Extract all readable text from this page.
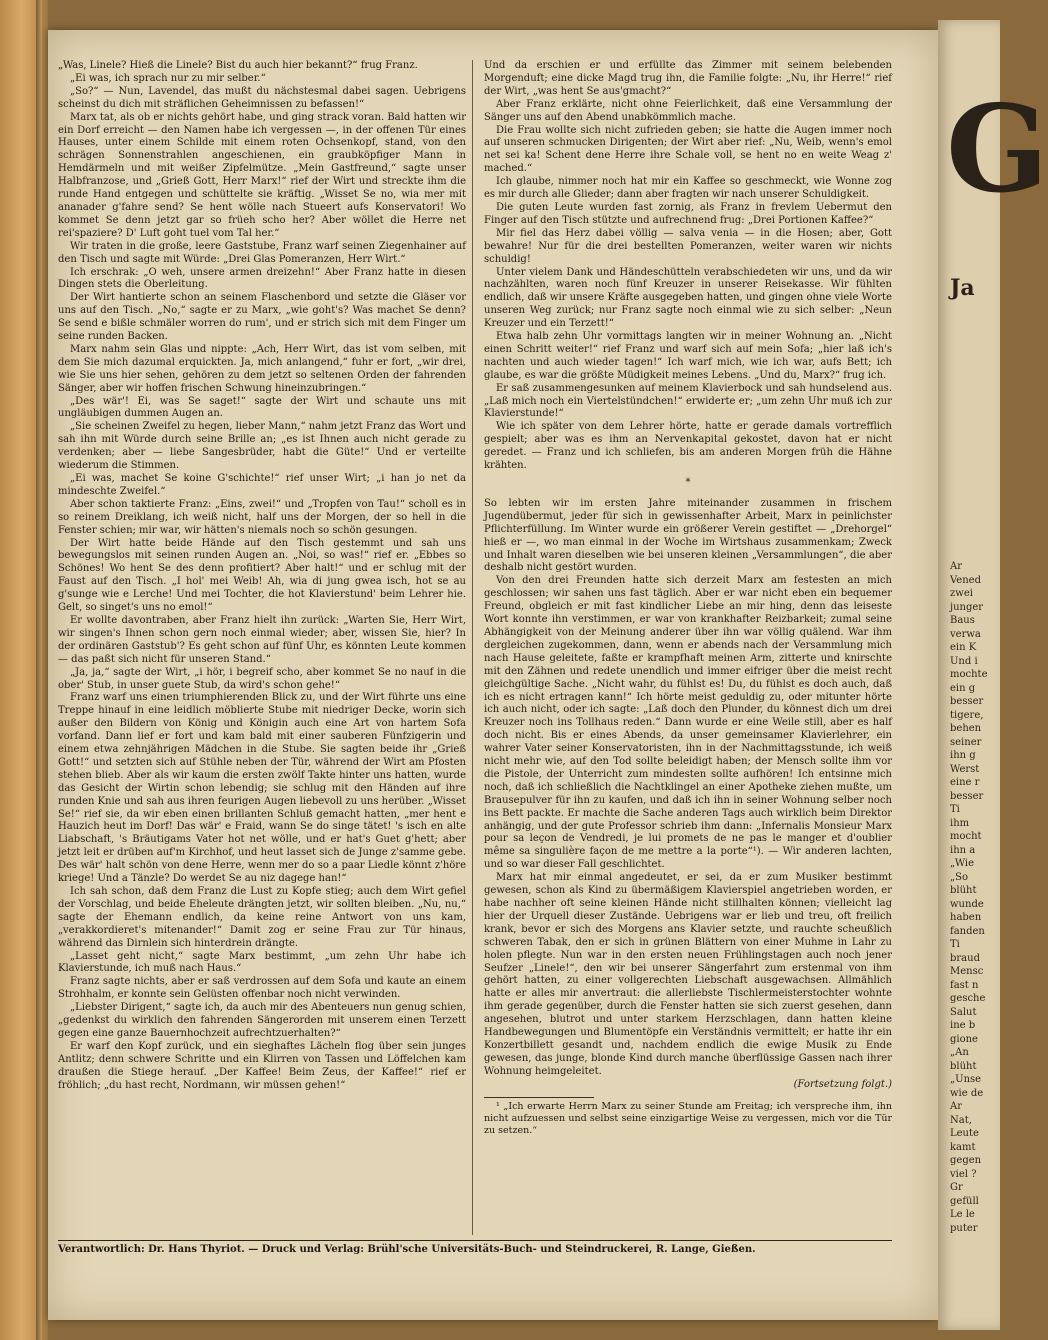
„Was, Linele? Hieß die Linele? Bist du auch hier bekannt?“ frug Franz.

„Ei was, ich sprach nur zu mir selber.“

„So?“ — Nun, Lavendel, das mußt du nächstesmal dabei sagen. Uebrigens scheinst du dich mit sträflichen Geheimnissen zu befassen!“

Marx tat, als ob er nichts gehört habe, und ging strack voran. Bald hatten wir ein Dorf erreicht — den Namen habe ich vergessen —, in der offenen Tür eines Hauses, unter einem Schilde mit einem roten Ochsenkopf, stand, von den schrägen Sonnenstrahlen angeschienen, ein graubköpfiger Mann in Hemdärmeln und mit weißer Zipfelmütze. „Mein Gastfreund,“ sagte unser Halbfranzose, und „Grieß Gott, Herr Marx!“ rief der Wirt und streckte ihm die runde Hand entgegen und schüttelte sie kräftig. „Wisset Se no, wia mer mit ananader g'fahre send? Se hent wölle nach Stueert aufs Konservatori! Wo kommet Se denn jetzt gar so früeh scho her? Aber wöllet die Herre net rei'spaziere? D' Luft goht tuel vom Tal her.“

Wir traten in die große, leere Gaststube, Franz warf seinen Ziegenhainer auf den Tisch und sagte mit Würde: „Drei Glas Pomeranzen, Herr Wirt.“

Ich erschrak: „O weh, unsere armen dreizehn!“ Aber Franz hatte in diesen Dingen stets die Oberleitung.

Der Wirt hantierte schon an seinem Flaschenbord und setzte die Gläser vor uns auf den Tisch. „No,“ sagte er zu Marx, „wie goht's? Was machet Se denn? Se send e bißle schmäler worren do rum', und er strich sich mit dem Finger um seine runden Backen.

Marx nahm sein Glas und nippte: „Ach, Herr Wirt, das ist vom selben, mit dem Sie mich dazumal erquickten. Ja, mich anlangend,“ fuhr er fort, „wir drei, wie Sie uns hier sehen, gehören zu dem jetzt so seltenen Orden der fahrenden Sänger, aber wir hoffen frischen Schwung hineinzubringen.“

„Des wär'! Ei, was Se saget!“ sagte der Wirt und schaute uns mit ungläubigen dummen Augen an.

„Sie scheinen Zweifel zu hegen, lieber Mann,“ nahm jetzt Franz das Wort und sah ihn mit Würde durch seine Brille an; „es ist Ihnen auch nicht gerade zu verdenken; aber — liebe Sangesbrüder, habt die Güte!“ Und er verteilte wiederum die Stimmen.

„Ei was, machet Se koine G'schichte!“ rief unser Wirt; „i han jo net da mindeschte Zweifel.“

Aber schon taktierte Franz: „Eins, zwei!“ und „Tropfen von Tau!“ scholl es in so reinem Dreiklang, ich weiß nicht, half uns der Morgen, der so hell in die Fenster schien; mir war, wir hätten's niemals noch so schön gesungen.

Der Wirt hatte beide Hände auf den Tisch gestemmt und sah uns bewegungslos mit seinen runden Augen an. „Noi, so was!“ rief er. „Ebbes so Schönes! Wo hent Se des denn profitiert? Aber halt!“ und er schlug mit der Faust auf den Tisch. „I hol' mei Weib! Ah, wia di jung gwea isch, hot se au g'sunge wie e Lerche! Und mei Tochter, die hot Klavierstund' beim Lehrer hie. Gelt, so singet's uns no emol!“

Er wollte davontraben, aber Franz hielt ihn zurück: „Warten Sie, Herr Wirt, wir singen's Ihnen schon gern noch einmal wieder; aber, wissen Sie, hier? In der ordinären Gaststub'? Es geht schon auf fünf Uhr, es könnten Leute kommen — das paßt sich nicht für unseren Stand.“

„Ja, ja,“ sagte der Wirt, „i hör, i begreif scho, aber kommet Se no nauf in die ober' Stub, in unser guete Stub, da wird's schon gehe!“

Franz warf uns einen triumphierenden Blick zu, und der Wirt führte uns eine Treppe hinauf in eine leidlich möblierte Stube mit niedriger Decke, worin sich außer den Bildern von König und Königin auch eine Art von hartem Sofa vorfand. Dann lief er fort und kam bald mit einer sauberen Fünfzigerin und einem etwa zehnjährigen Mädchen in die Stube. Sie sagten beide ihr „Grieß Gott!“ und setzten sich auf Stühle neben der Tür, während der Wirt am Pfosten stehen blieb. Aber als wir kaum die ersten zwölf Takte hinter uns hatten, wurde das Gesicht der Wirtin schon lebendig; sie schlug mit den Händen auf ihre runden Knie und sah aus ihren feurigen Augen liebevoll zu uns herüber. „Wisset Se!“ rief sie, da wir eben einen brillanten Schluß gemacht hatten, „mer hent e Hauzich heut im Dorf! Das wär' e Fraid, wann Se do singe tätet! 's isch en alte Liabschaft, 's Bräutigams Vater hot net wölle, und er hat's Guet g'hett; aber jetzt leit er drüben auf'm Kirchhof, und heut lasset sich de Junge z'samme gebe. Des wär' halt schön von dene Herre, wenn mer do so a paar Liedle könnt z'höre kriege! Und a Tänzle? Do werdet Se au niz dagege han!“

Ich sah schon, daß dem Franz die Lust zu Kopfe stieg; auch dem Wirt gefiel der Vorschlag, und beide Eheleute drängten jetzt, wir sollten bleiben. „Nu, nu,“ sagte der Ehemann endlich, da keine reine Antwort von uns kam, „verakkordieret's mitenander!“ Damit zog er seine Frau zur Tür hinaus, während das Dirnlein sich hinterdrein drängte.

„Lasset geht nicht,“ sagte Marx bestimmt, „um zehn Uhr habe ich Klavierstunde, ich muß nach Haus.“

Franz sagte nichts, aber er saß verdrossen auf dem Sofa und kaute an einem Strohhalm, er konnte sein Gelüsten offenbar noch nicht verwinden.

„Liebster Dirigent,“ sagte ich, da auch mir des Abenteuers nun genug schien, „gedenkst du wirklich den fahrenden Sängerorden mit unserem einen Terzett gegen eine ganze Bauernhochzeit aufrechtzuerhalten?“

Er warf den Kopf zurück, und ein sieghaftes Lächeln flog über sein junges Antlitz; denn schwere Schritte und ein Klirren von Tassen und Löffelchen kam draußen die Stiege herauf. „Der Kaffee! Beim Zeus, der Kaffee!“ rief er fröhlich; „du hast recht, Nordmann, wir müssen gehen!“

Und da erschien er und erfüllte das Zimmer mit seinem belebenden Morgenduft; eine dicke Magd trug ihn, die Familie folgte: „Nu, ihr Herre!“ rief der Wirt, „was hent Se aus'gmacht?“

Aber Franz erklärte, nicht ohne Feierlichkeit, daß eine Versammlung der Sänger uns auf den Abend unabkömmlich mache.

Die Frau wollte sich nicht zufrieden geben; sie hatte die Augen immer noch auf unseren schmucken Dirigenten; der Wirt aber rief: „Nu, Weib, wenn's emol net sei ka! Schent dene Herre ihre Schale voll, se hent no en weite Weag z' mached.“

Ich glaube, nimmer noch hat mir ein Kaffee so geschmeckt, wie Wonne zog es mir durch alle Glieder; dann aber fragten wir nach unserer Schuldigkeit.

Die guten Leute wurden fast zornig, als Franz in frevlem Uebermut den Finger auf den Tisch stützte und aufrechnend frug: „Drei Portionen Kaffee?“

Mir fiel das Herz dabei völlig — salva venia — in die Hosen; aber, Gott bewahre! Nur für die drei bestellten Pomeranzen, weiter waren wir nichts schuldig!

Unter vielem Dank und Händeschütteln verabschiedeten wir uns, und da wir nachzählten, waren noch fünf Kreuzer in unserer Reisekasse. Wir fühlten endlich, daß wir unsere Kräfte ausgegeben hatten, und gingen ohne viele Worte unseren Weg zurück; nur Franz sagte noch einmal wie zu sich selber: „Neun Kreuzer und ein Terzett!“

Etwa halb zehn Uhr vormittags langten wir in meiner Wohnung an. „Nicht einen Schritt weiter!“ rief Franz und warf sich auf mein Sofa; „hier laß ich's nachten und auch wieder tagen!“ Ich warf mich, wie ich war, aufs Bett; ich glaube, es war die größte Müdigkeit meines Lebens. „Und du, Marx?“ frug ich.

Er saß zusammengesunken auf meinem Klavierbock und sah hundselend aus. „Laß mich noch ein Viertelstündchen!“ erwiderte er; „um zehn Uhr muß ich zur Klavierstunde!“

Wie ich später von dem Lehrer hörte, hatte er gerade damals vortrefflich gespielt; aber was es ihm an Nervenkapital gekostet, davon hat er nicht geredet. — Franz und ich schliefen, bis am anderen Morgen früh die Hähne krähten.

*

So lebten wir im ersten Jahre miteinander zusammen in frischem Jugendübermut, jeder für sich in gewissenhafter Arbeit, Marx in peinlichster Pflichterfüllung. Im Winter wurde ein größerer Verein gestiftet — „Drehorgel“ hieß er —, wo man einmal in der Woche im Wirtshaus zusammenkam; Zweck und Inhalt waren dieselben wie bei unseren kleinen „Versammlungen“, die aber deshalb nicht gestört wurden.

Von den drei Freunden hatte sich derzeit Marx am festesten an mich geschlossen; wir sahen uns fast täglich. Aber er war nicht eben ein bequemer Freund, obgleich er mit fast kindlicher Liebe an mir hing, denn das leiseste Wort konnte ihn verstimmen, er war von krankhafter Reizbarkeit; zumal seine Abhängigkeit von der Meinung anderer über ihn war völlig quälend. War ihm dergleichen zugekommen, dann, wenn er abends nach der Versammlung mich nach Hause geleitete, faßte er krampfhaft meinen Arm, zitterte und knirschte mit den Zähnen und redete unendlich und immer eifriger über die meist recht gleichgültige Sache. „Nicht wahr, du fühlst es! Du, du fühlst es doch auch, daß ich es nicht ertragen kann!“ Ich hörte meist geduldig zu, oder mitunter hörte ich auch nicht, oder ich sagte: „Laß doch den Plunder, du könnest dich um drei Kreuzer noch ins Tollhaus reden.“ Dann wurde er eine Weile still, aber es half doch nicht. Bis er eines Abends, da unser gemeinsamer Klavierlehrer, ein wahrer Vater seiner Konservatoristen, ihn in der Nachmittagsstunde, ich weiß nicht mehr wie, auf den Tod sollte beleidigt haben; der Mensch sollte ihm vor die Pistole, der Unterricht zum mindesten sollte aufhören! Ich entsinne mich noch, daß ich schließlich die Nachtklingel an einer Apotheke ziehen mußte, um Brausepulver für ihn zu kaufen, und daß ich ihn in seiner Wohnung selber noch ins Bett packte. Er machte die Sache anderen Tags auch wirklich beim Direktor anhängig, und der gute Professor schrieb ihm dann: „Infernalis Monsieur Marx pour sa leçon de Vendredi, je lui promets de ne pas le manger et d'oublier même sa singulière façon de me mettre a la porte“¹). — Wir anderen lachten, und so war dieser Fall geschlichtet.

Marx hat mir einmal angedeutet, er sei, da er zum Musiker bestimmt gewesen, schon als Kind zu übermäßigem Klavierspiel angetrieben worden, er habe nachher oft seine kleinen Hände nicht stillhalten können; vielleicht lag hier der Urquell dieser Zustände. Uebrigens war er lieb und treu, oft freilich krank, bevor er sich des Morgens ans Klavier setzte, und rauchte scheußlich schweren Tabak, den er sich in grünen Blättern von einer Muhme in Lahr zu holen pflegte. Nun war in den ersten neuen Frühlingstagen auch noch jener Seufzer „Linele!“, den wir bei unserer Sängerfahrt zum erstenmal von ihm gehört hatten, zu einer vollgerechten Liebschaft ausgewachsen. Allmählich hatte er alles mir anvertraut: die allerliebste Tischlermeisterstochter wohnte ihm gerade gegenüber, durch die Fenster hatten sie sich zuerst gesehen, dann angesehen, blutrot und unter starkem Herzschlagen, dann hatten kleine Handbewegungen und Blumentöpfe ein Verständnis vermittelt; er hatte ihr ein Konzertbillett gesandt und, nachdem endlich die ewige Musik zu Ende gewesen, das junge, blonde Kind durch manche überflüssige Gassen nach ihrer Wohnung heimgeleitet.

(Fortsetzung folgt.)

¹ „Ich erwarte Herrn Marx zu seiner Stunde am Freitag; ich verspreche ihm, ihn nicht aufzuessen und selbst seine einzigartige Weise zu vergessen, mich vor die Tür zu setzen.“

Verantwortlich: Dr. Hans Thyriot. — Druck und Verlag: Brühl'sche Universitäts-Buch- und Steindruckerei, R. Lange, Gießen.
G
Ja
Ar
Vened
zwei
junger
Baus
verwa
ein K
Und i
mochte
ein g
besser
tigere,
behen
seiner
ihn g
Werst
eine r
besser
Ti
ihm
mocht
ihn a
„Wie
„So
blüht
wunde
haben
fanden
Ti
braud
Mensc
fast n
gesche
Salut
ine b
gione
„An
blüht
„Unse
wie de
Ar
Nat,
Leute
kamt
gegen
viel ?
Gr
gefüll
Le le
puter
